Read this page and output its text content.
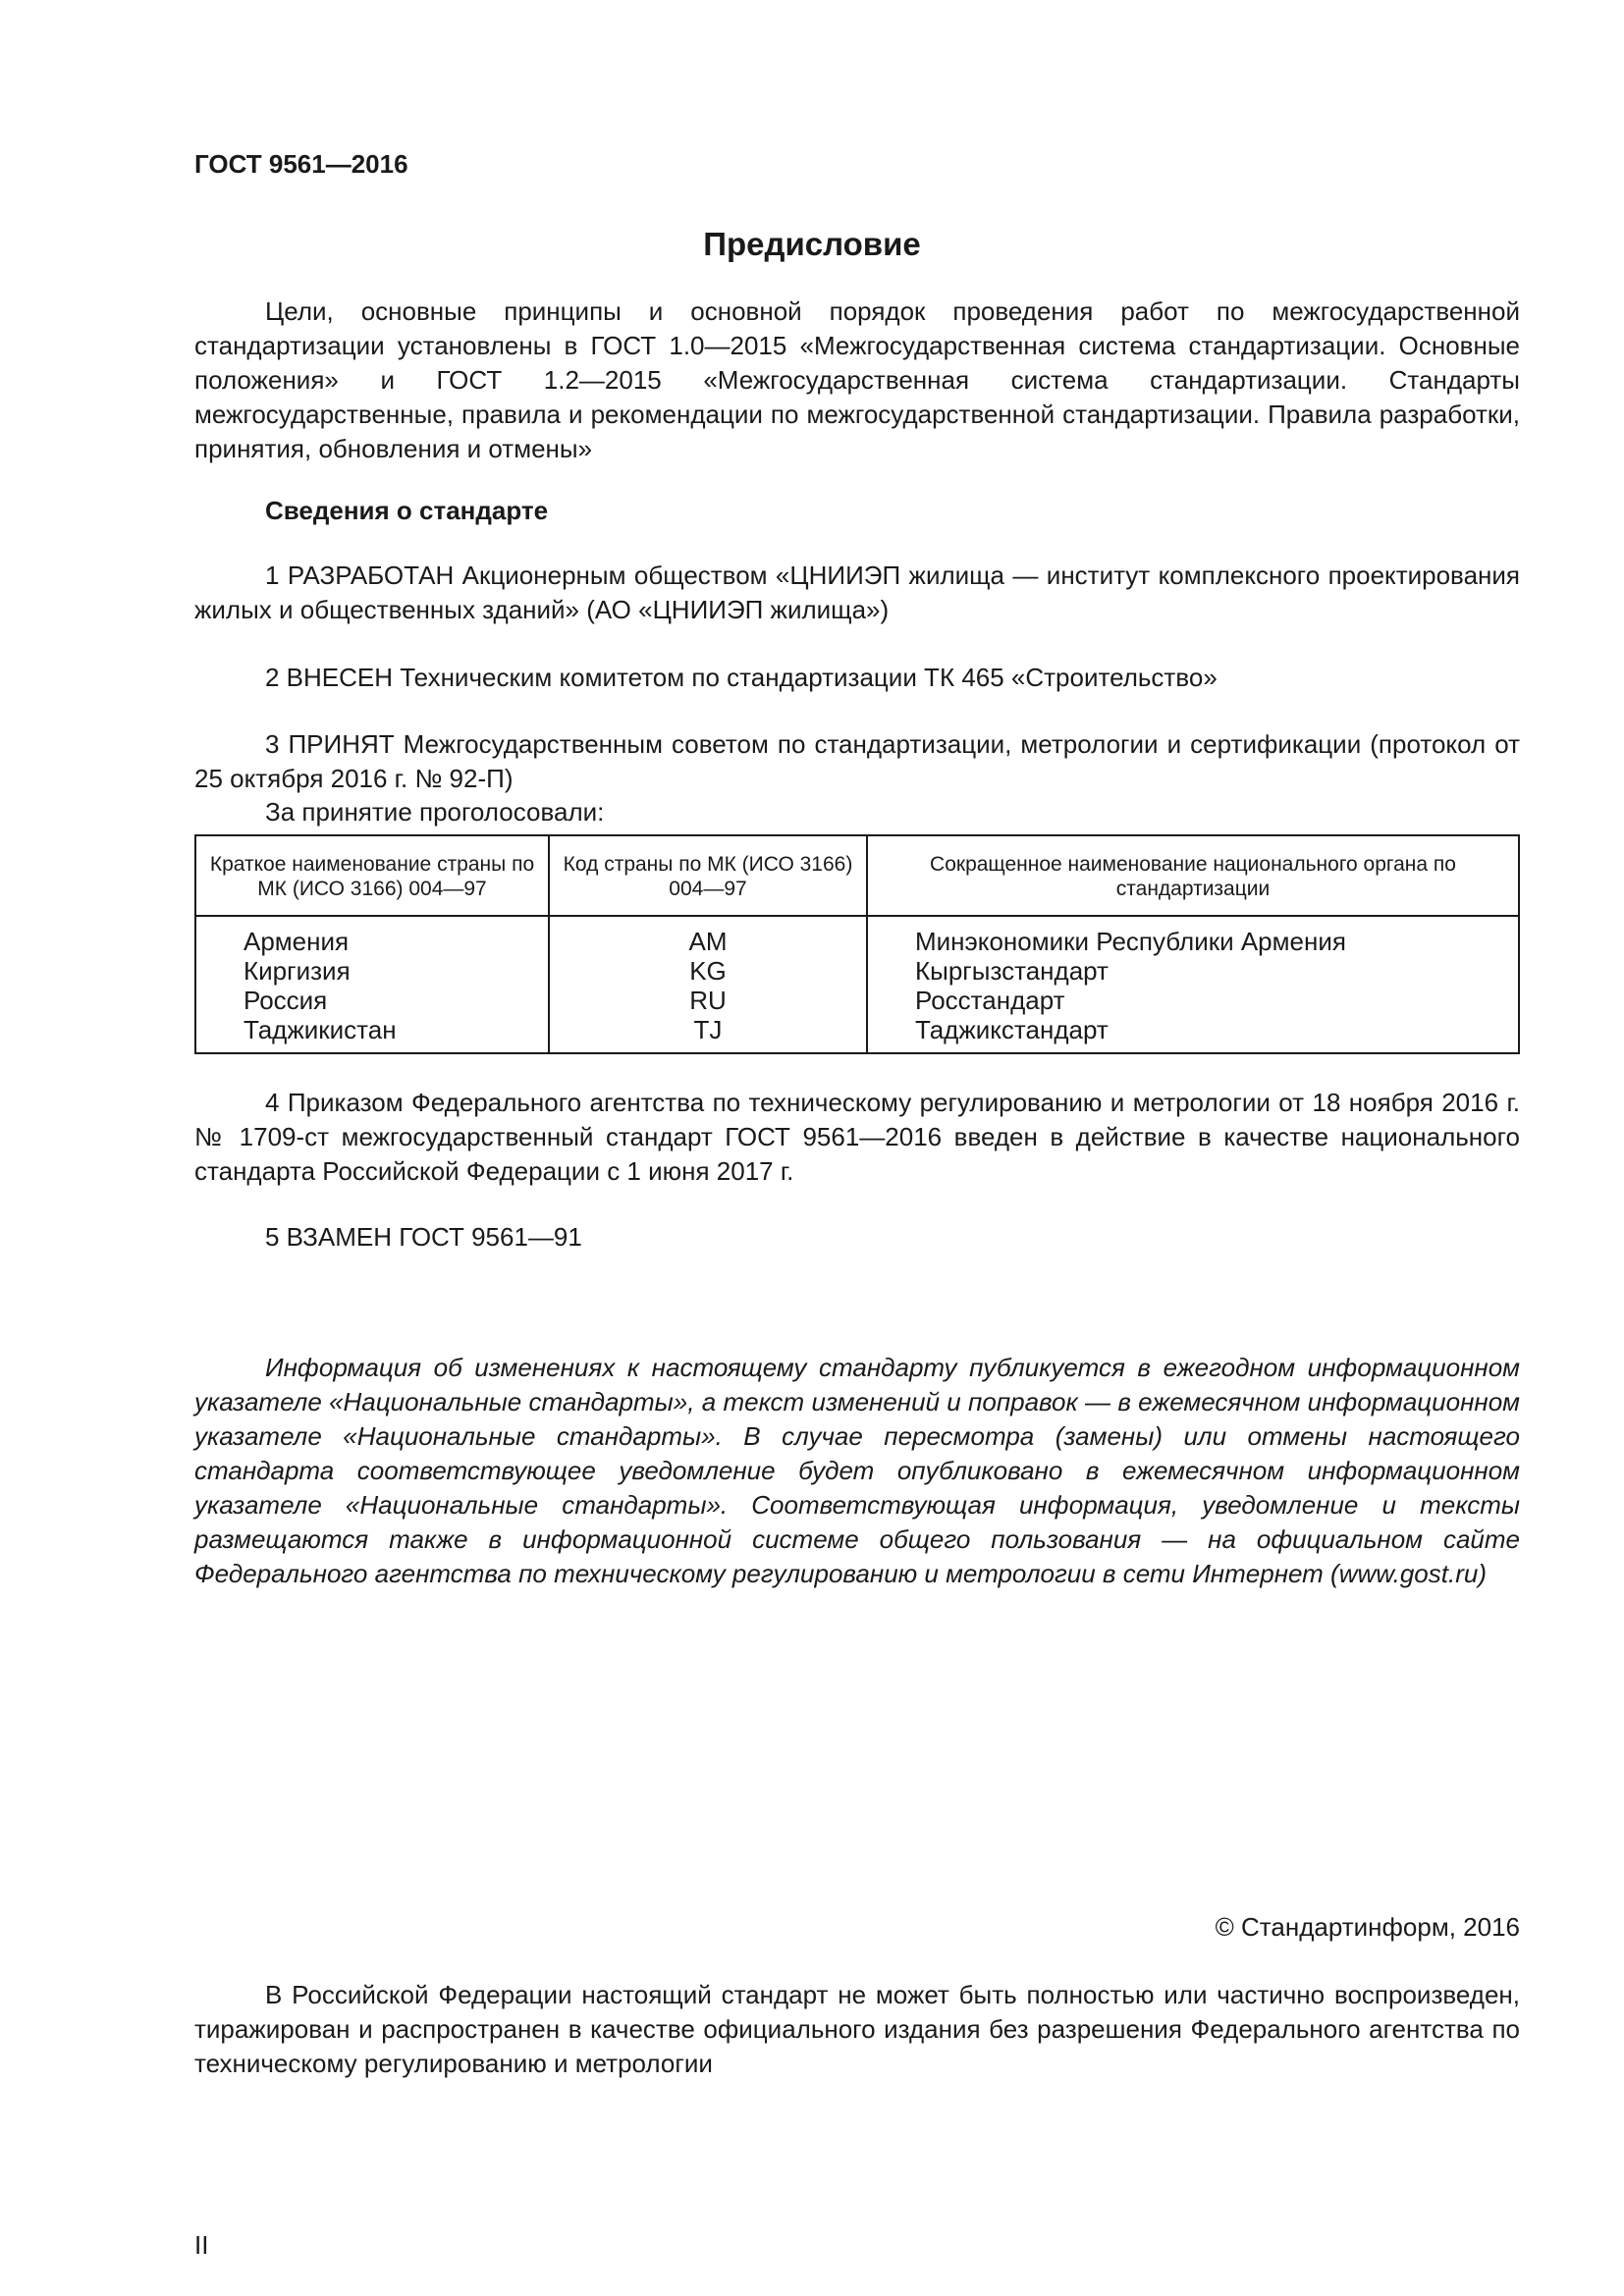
ГОСТ 9561—2016
Предисловие
Цели, основные принципы и основной порядок проведения работ по межгосударственной стандартизации установлены в ГОСТ 1.0—2015 «Межгосударственная система стандартизации. Основные положения» и ГОСТ 1.2—2015 «Межгосударственная система стандартизации. Стандарты межгосударственные, правила и рекомендации по межгосударственной стандартизации. Правила разработки, принятия, обновления и отмены»
Сведения о стандарте
1 РАЗРАБОТАН Акционерным обществом «ЦНИИЭП жилища — институт комплексного проектирования жилых и общественных зданий» (АО «ЦНИИЭП жилища»)
2 ВНЕСЕН Техническим комитетом по стандартизации ТК 465 «Строительство»
3 ПРИНЯТ Межгосударственным советом по стандартизации, метрологии и сертификации (протокол от 25 октября 2016 г. № 92-П)
За принятие проголосовали:
Краткое наименование страны по МК (ИСО 3166) 004—97	Код страны по МК (ИСО 3166) 004—97	Сокращенное наименование национального органа по стандартизации
Армения	AM	Минэкономики Республики Армения
Киргизия	KG	Кыргызстандарт
Россия	RU	Росстандарт
Таджикистан	TJ	Таджикстандарт
4 Приказом Федерального агентства по техническому регулированию и метрологии от 18 ноября 2016 г. № 1709-ст межгосударственный стандарт ГОСТ 9561—2016 введен в действие в качестве национального стандарта Российской Федерации с 1 июня 2017 г.
5 ВЗАМЕН ГОСТ 9561—91
Информация об изменениях к настоящему стандарту публикуется в ежегодном информационном указателе «Национальные стандарты», а текст изменений и поправок — в ежемесячном информационном указателе «Национальные стандарты». В случае пересмотра (замены) или отмены настоящего стандарта соответствующее уведомление будет опубликовано в ежемесячном информационном указателе «Национальные стандарты». Соответствующая информация, уведомление и тексты размещаются также в информационной системе общего пользования — на официальном сайте Федерального агентства по техническому регулированию и метрологии в сети Интернет (www.gost.ru)
© Стандартинформ, 2016
В Российской Федерации настоящий стандарт не может быть полностью или частично воспроизведен, тиражирован и распространен в качестве официального издания без разрешения Федерального агентства по техническому регулированию и метрологии
II
